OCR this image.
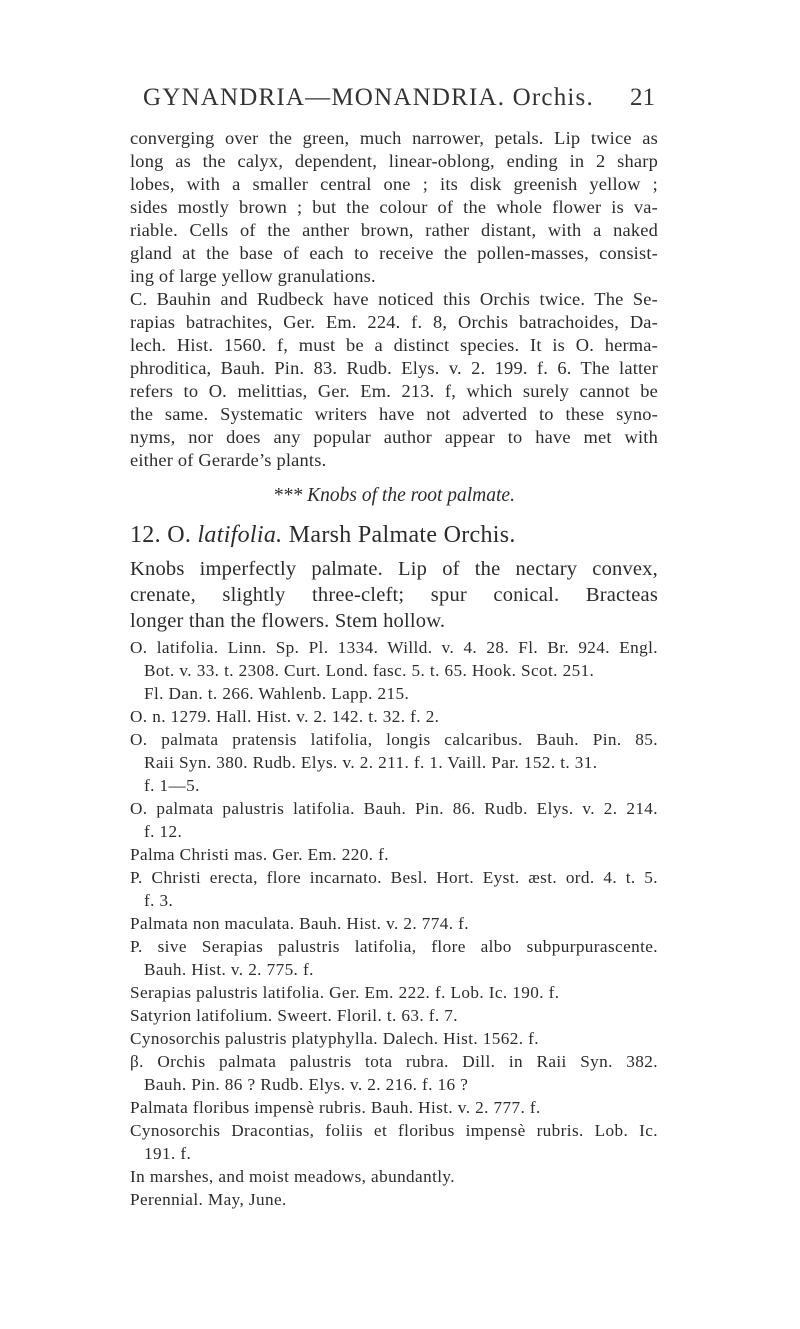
GYNANDRIA—MONANDRIA. Orchis. 21
converging over the green, much narrower, petals. Lip twice as
long as the calyx, dependent, linear-oblong, ending in 2 sharp
lobes, with a smaller central one ; its disk greenish yellow ;
sides mostly brown ; but the colour of the whole flower is va-
riable. Cells of the anther brown, rather distant, with a naked
gland at the base of each to receive the pollen-masses, consist-
ing of large yellow granulations.
C. Bauhin and Rudbeck have noticed this Orchis twice. The Se-
rapias batrachites, Ger. Em. 224. f. 8, Orchis batrachoides, Da-
lech. Hist. 1560. f, must be a distinct species. It is O. herma-
phroditica, Bauh. Pin. 83. Rudb. Elys. v. 2. 199. f. 6. The latter
refers to O. melittias, Ger. Em. 213. f, which surely cannot be
the same. Systematic writers have not adverted to these syno-
nyms, nor does any popular author appear to have met with
either of Gerarde’s plants.
*** Knobs of the root palmate.
12. O. latifolia. Marsh Palmate Orchis.
Knobs imperfectly palmate. Lip of the nectary convex,
crenate, slightly three-cleft; spur conical. Bracteas
longer than the flowers. Stem hollow.
O. latifolia. Linn. Sp. Pl. 1334. Willd. v. 4. 28. Fl. Br. 924. Engl.
Bot. v. 33. t. 2308. Curt. Lond. fasc. 5. t. 65. Hook. Scot. 251.
Fl. Dan. t. 266. Wahlenb. Lapp. 215.
O. n. 1279. Hall. Hist. v. 2. 142. t. 32. f. 2.
O. palmata pratensis latifolia, longis calcaribus. Bauh. Pin. 85.
Raii Syn. 380. Rudb. Elys. v. 2. 211. f. 1. Vaill. Par. 152. t. 31.
f. 1—5.
O. palmata palustris latifolia. Bauh. Pin. 86. Rudb. Elys. v. 2. 214.
f. 12.
Palma Christi mas. Ger. Em. 220. f.
P. Christi erecta, flore incarnato. Besl. Hort. Eyst. æst. ord. 4. t. 5.
f. 3.
Palmata non maculata. Bauh. Hist. v. 2. 774. f.
P. sive Serapias palustris latifolia, flore albo subpurpurascente.
Bauh. Hist. v. 2. 775. f.
Serapias palustris latifolia. Ger. Em. 222. f. Lob. Ic. 190. f.
Satyrion latifolium. Sweert. Floril. t. 63. f. 7.
Cynosorchis palustris platyphylla. Dalech. Hist. 1562. f.
β. Orchis palmata palustris tota rubra. Dill. in Raii Syn. 382.
Bauh. Pin. 86 ? Rudb. Elys. v. 2. 216. f. 16 ?
Palmata floribus impensè rubris. Bauh. Hist. v. 2. 777. f.
Cynosorchis Dracontias, foliis et floribus impensè rubris. Lob. Ic.
191. f.
In marshes, and moist meadows, abundantly.
Perennial. May, June.
